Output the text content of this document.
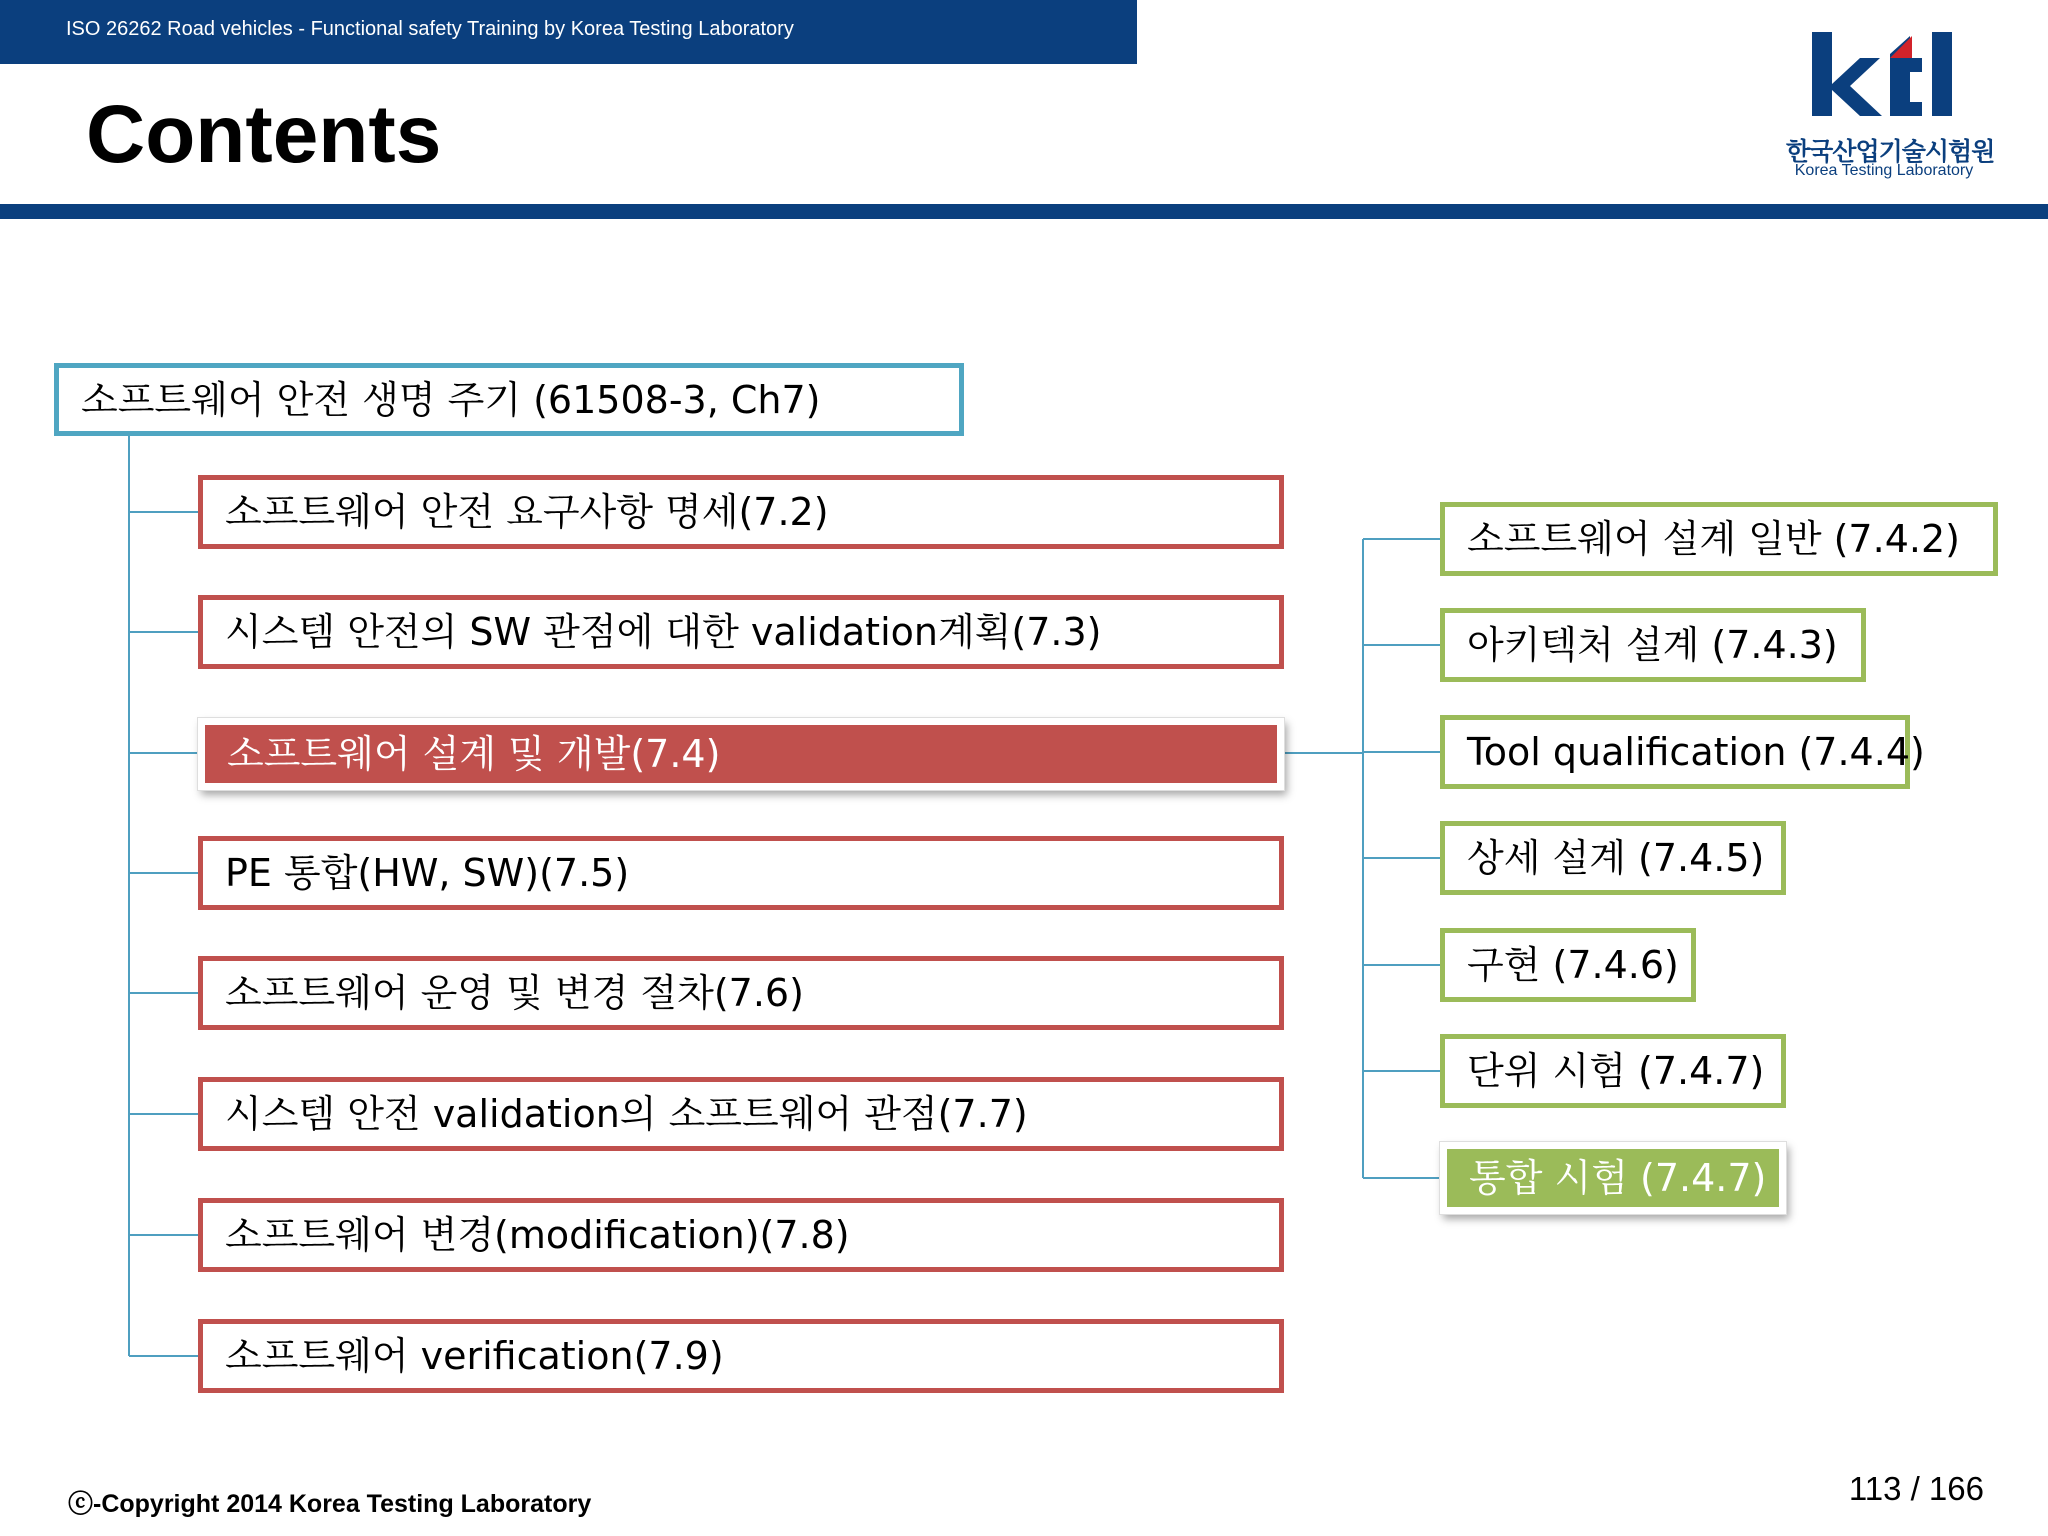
ISO 26262 Road vehicles - Functional safety Training by Korea Testing Laboratory
Contents	한국산업기술시험원
Korea Testing Laboratory
소프트웨어 안전 생명 주기 (61508-3, Ch7)
소프트웨어 안전 요구사항 명세(7.2)
시스템 안전의 SW 관점에 대한 validation계획(7.3)
소프트웨어 설계 및 개발(7.4)
PE 통합(HW, SW)(7.5)
소프트웨어 운영 및 변경 절차(7.6)
시스템 안전 validation의 소프트웨어 관점(7.7)
소프트웨어 변경(modification)(7.8)
소프트웨어 verification(7.9)
소프트웨어 설계 일반 (7.4.2)
아키텍처 설계 (7.4.3)
Tool qualification (7.4.4)
상세 설계 (7.4.5)
구현 (7.4.6)
단위 시험 (7.4.7)
통합 시험 (7.4.7)
ⓒ-Copyright 2014 Korea Testing Laboratory	113 / 166
